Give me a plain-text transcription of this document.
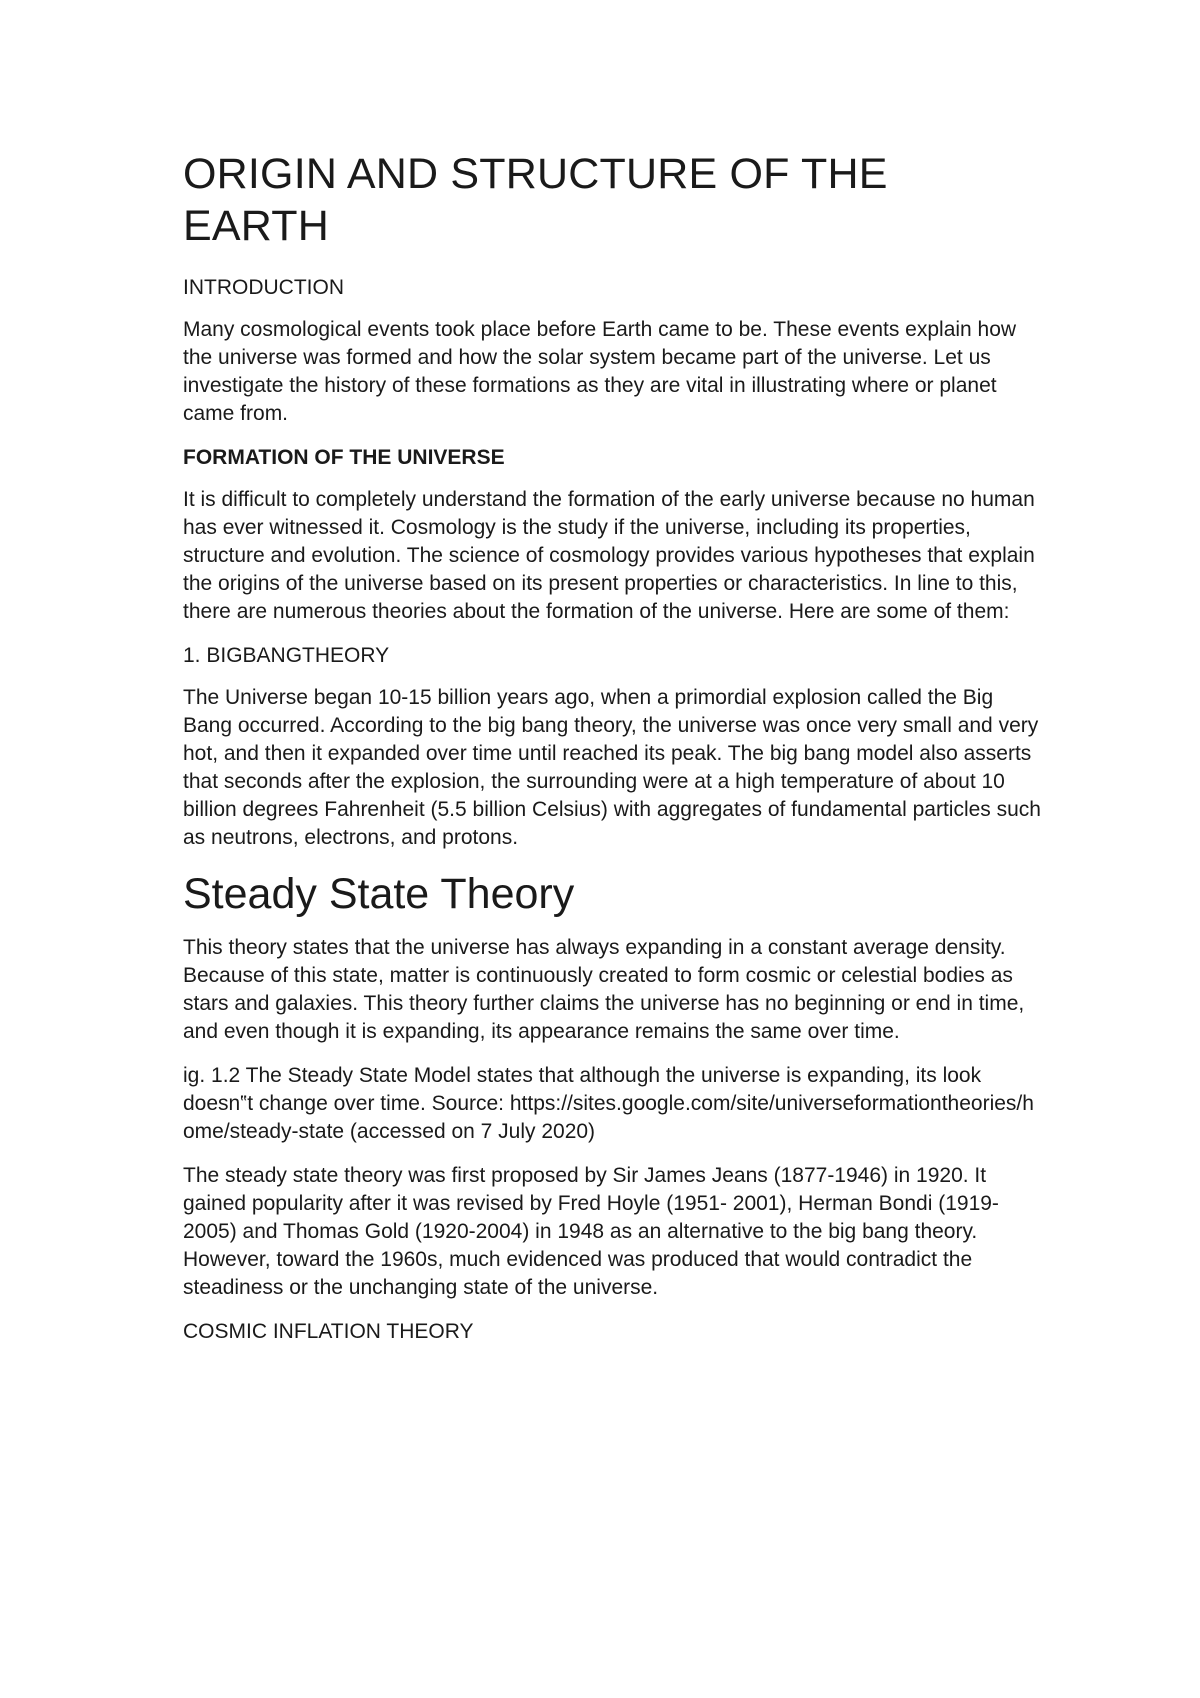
ORIGIN AND STRUCTURE OF THE EARTH
INTRODUCTION

Many cosmological events took place before Earth came to be. These events explain how the universe was formed and how the solar system became part of the universe. Let us investigate the history of these formations as they are vital in illustrating where or planet came from.

FORMATION OF THE UNIVERSE

It is difficult to completely understand the formation of the early universe because no human has ever witnessed it. Cosmology is the study if the universe, including its properties, structure and evolution. The science of cosmology provides various hypotheses that explain the origins of the universe based on its present properties or characteristics. In line to this, there are numerous theories about the formation of the universe. Here are some of them:

1. BIGBANGTHEORY

The Universe began 10-15 billion years ago, when a primordial explosion called the Big Bang occurred. According to the big bang theory, the universe was once very small and very hot, and then it expanded over time until reached its peak. The big bang model also asserts that seconds after the explosion, the surrounding were at a high temperature of about 10 billion degrees Fahrenheit (5.5 billion Celsius) with aggregates of fundamental particles such as neutrons, electrons, and protons.

Steady State Theory

This theory states that the universe has always expanding in a constant average density. Because of this state, matter is continuously created to form cosmic or celestial bodies as stars and galaxies. This theory further claims the universe has no beginning or end in time, and even though it is expanding, its appearance remains the same over time.

ig. 1.2 The Steady State Model states that although the universe is expanding, its look doesn‟t change over time. Source: https://sites.google.com/site/universeformationtheories/h ome/steady-state (accessed on 7 July 2020)

The steady state theory was first proposed by Sir James Jeans (1877-1946) in 1920. It gained popularity after it was revised by Fred Hoyle (1951- 2001), Herman Bondi (1919- 2005) and Thomas Gold (1920-2004) in 1948 as an alternative to the big bang theory. However, toward the 1960s, much evidenced was produced that would contradict the steadiness or the unchanging state of the universe.

COSMIC INFLATION THEORY
